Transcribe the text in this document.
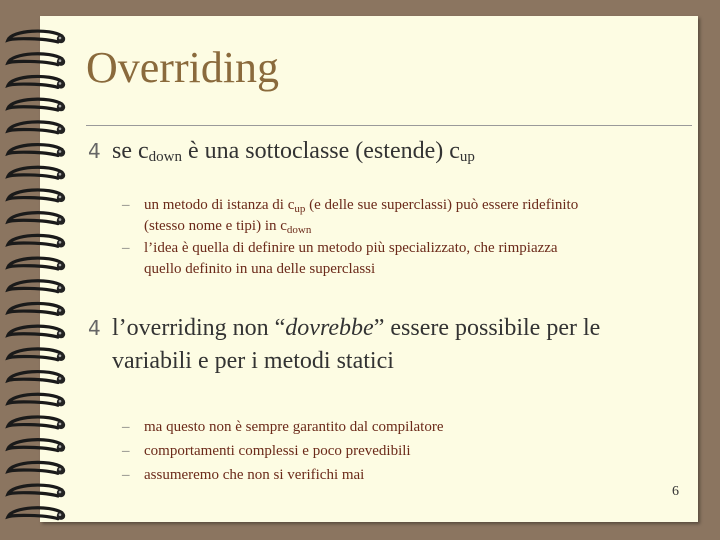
Overriding
4 se cdown è una sottoclasse (estende) cup
– un metodo di istanza di $c_{up}$ (e delle sue superclassi) può essere ridefinito
(stesso nome e tipi) in $c_{down}$
– l’idea è quella di definire un metodo più specializzato, che rimpiazza
quello definito in una delle superclassi
4 l’overriding non “dovrebbe” essere possibile per le
variabili e per i metodi statici
– ma questo non è sempre garantito dal compilatore
– comportamenti complessi e poco prevedibili
– assumeremo che non si verifichi mai
6
